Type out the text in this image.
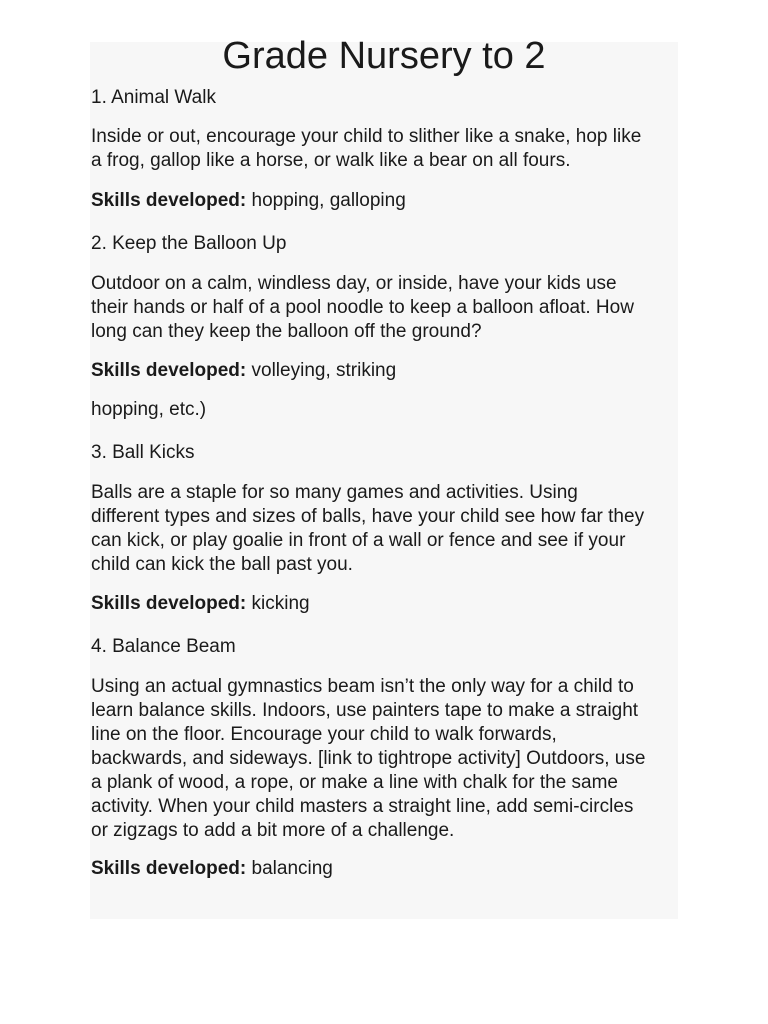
Grade Nursery to 2

1. Animal Walk

Inside or out, encourage your child to slither like a snake, hop like
a frog, gallop like a horse, or walk like a bear on all fours.

Skills developed: hopping, galloping

2. Keep the Balloon Up

Outdoor on a calm, windless day, or inside, have your kids use
their hands or half of a pool noodle to keep a balloon afloat. How
long can they keep the balloon off the ground?

Skills developed: volleying, striking

hopping, etc.)

3. Ball Kicks

Balls are a staple for so many games and activities. Using
different types and sizes of balls, have your child see how far they
can kick, or play goalie in front of a wall or fence and see if your
child can kick the ball past you.

Skills developed: kicking

4. Balance Beam

Using an actual gymnastics beam isn’t the only way for a child to
learn balance skills. Indoors, use painters tape to make a straight
line on the floor. Encourage your child to walk forwards,
backwards, and sideways. [link to tightrope activity] Outdoors, use
a plank of wood, a rope, or make a line with chalk for the same
activity. When your child masters a straight line, add semi-circles
or zigzags to add a bit more of a challenge.

Skills developed: balancing
